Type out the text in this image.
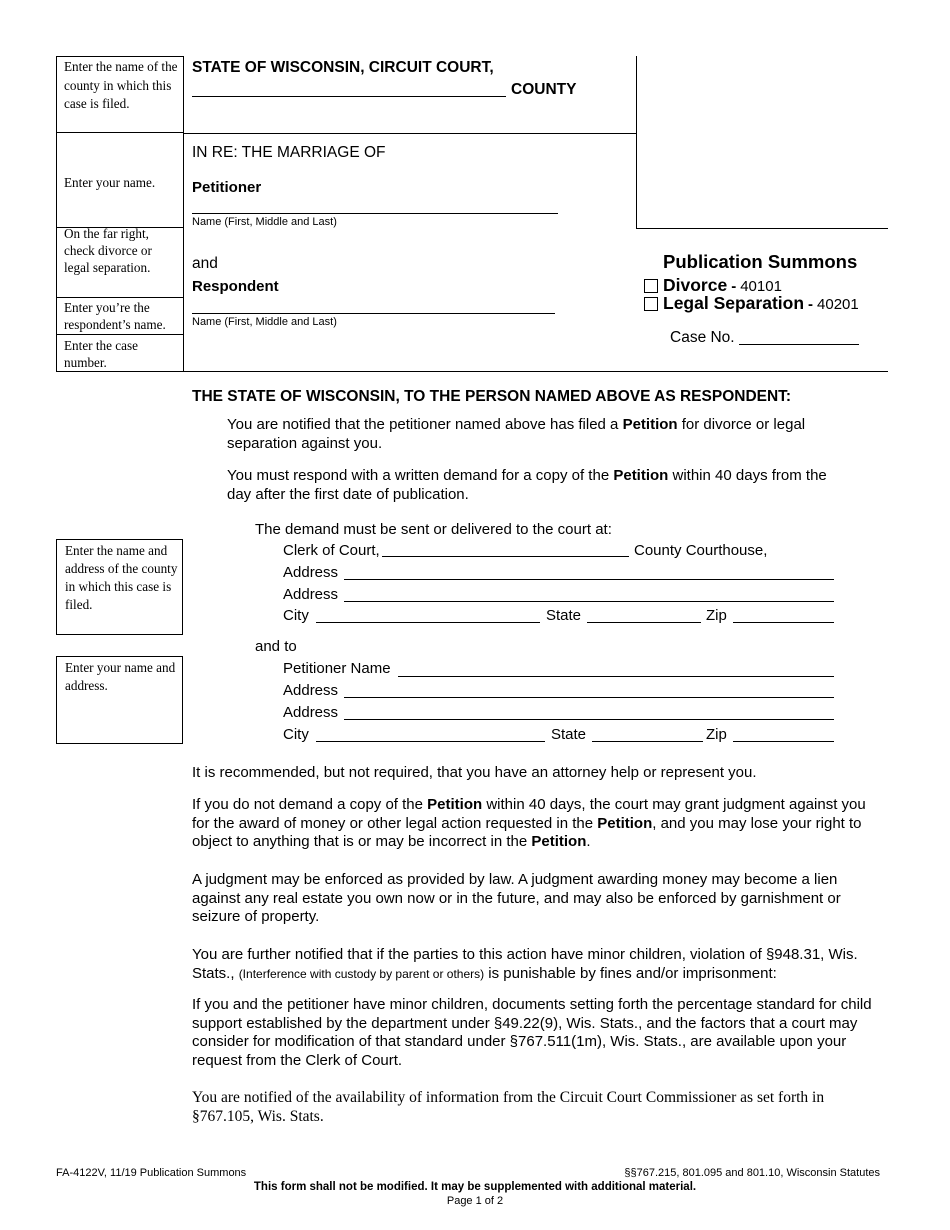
Enter the name of the county in which this case is filed.
Enter your name.
On the far right, check divorce or legal separation.
Enter you’re the respondent’s name.
Enter the case number.
STATE OF WISCONSIN, CIRCUIT COURT,
COUNTY
IN RE: THE MARRIAGE OF
Petitioner
Name (First, Middle and Last)
and
Respondent
Name (First, Middle and Last)
Publication Summons
Divorce - 40101
Legal Separation - 40201
Case No.
THE STATE OF WISCONSIN, TO THE PERSON NAMED ABOVE AS RESPONDENT:

You are notified that the petitioner named above has filed a Petition for divorce or legal separation against you.

You must respond with a written demand for a copy of the Petition within 40 days from the day after the first date of publication.

Enter the name and address of the county in which this case is filed.
Enter your name and address.
The demand must be sent or delivered to the court at:
Clerk of Court,	County Courthouse,
Address
Address
City	State	Zip
and to
Petitioner Name
Address
Address
City	State	Zip

It is recommended, but not required, that you have an attorney help or represent you.

If you do not demand a copy of the Petition within 40 days, the court may grant judgment against you for the award of money or other legal action requested in the Petition, and you may lose your right to object to anything that is or may be incorrect in the Petition.

A judgment may be enforced as provided by law. A judgment awarding money may become a lien against any real estate you own now or in the future, and may also be enforced by garnishment or seizure of property.

You are further notified that if the parties to this action have minor children, violation of §948.31, Wis. Stats., (Interference with custody by parent or others) is punishable by fines and/or imprisonment:

If you and the petitioner have minor children, documents setting forth the percentage standard for child support established by the department under §49.22(9), Wis. Stats., and the factors that a court may consider for modification of that standard under §767.511(1m), Wis. Stats., are available upon your request from the Clerk of Court.

You are notified of the availability of information from the Circuit Court Commissioner as set forth in §767.105, Wis. Stats.

FA-4122V, 11/19 Publication Summons	§§767.215, 801.095 and 801.10, Wisconsin Statutes
This form shall not be modified. It may be supplemented with additional material.
Page 1 of 2
